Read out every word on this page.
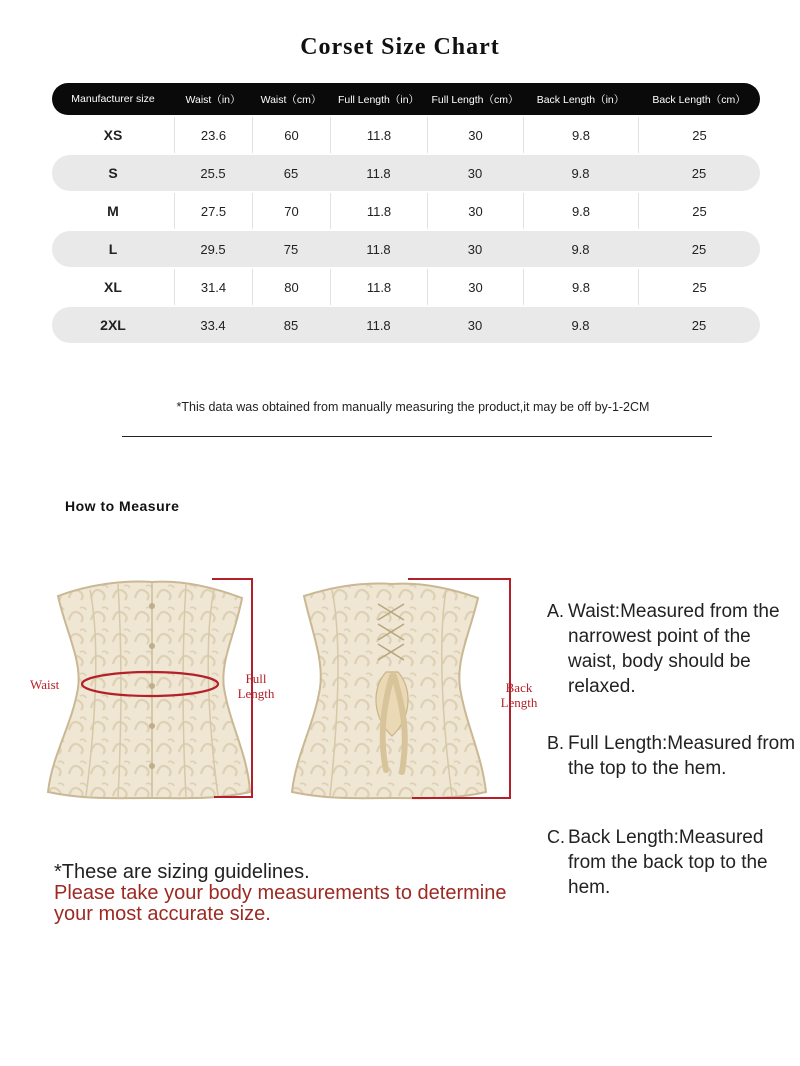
Corset Size Chart
Manufacturer size	Waist（in）	Waist（cm）	Full Length（in）	Full Length（cm）	Back Length（in）	Back Length（cm）
XS	23.6	60	11.8	30	9.8	25
S	25.5	65	11.8	30	9.8	25
M	27.5	70	11.8	30	9.8	25
L	29.5	75	11.8	30	9.8	25
XL	31.4	80	11.8	30	9.8	25
2XL	33.4	85	11.8	30	9.8	25
*This data was obtained from manually measuring the product,it may be off by-1-2CM
How to Measure
Waist	Full
Length	Back
Length
A. Waist:Measured from the narrowest point of the waist, body should be relaxed.
B. Full Length:Measured from the top to the hem.
C. Back Length:Measured from the back top to the hem.
*These are sizing guidelines.
Please take your body measurements to determine your most accurate size.
